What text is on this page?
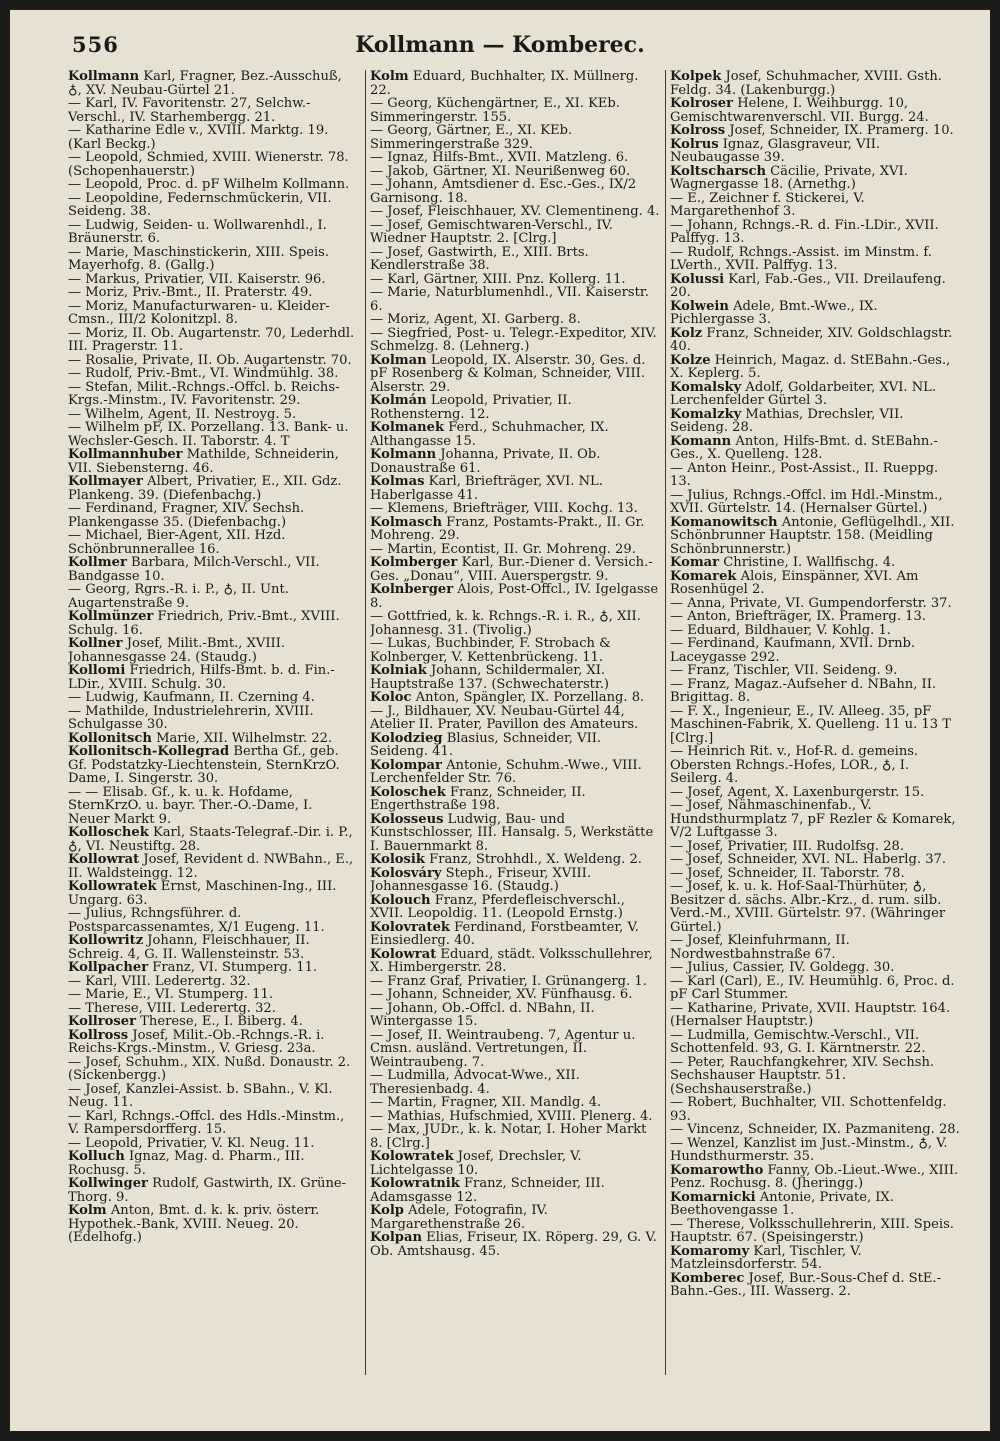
556	Kollmann — Komberec.

Kollmann Karl, Fragner, Bez.-Ausschuß, ♁, XV. Neubau-Gürtel 21.

— Karl, IV. Favoritenstr. 27, Selchw.-Verschl., IV. Starhembergg. 21.

— Katharine Edle v., XVIII. Marktg. 19. (Karl Beckg.)

— Leopold, Schmied, XVIII. Wienerstr. 78. (Schopenhauerstr.)

— Leopold, Proc. d. pF Wilhelm Kollmann.

— Leopoldine, Federnschmückerin, VII. Seideng. 38.

— Ludwig, Seiden- u. Wollwarenhdl., I. Bräunerstr. 6.

— Marie, Maschinstickerin, XIII. Speis. Mayerhofg. 8. (Gallg.)

— Markus, Privatier, VII. Kaiserstr. 96.

— Moriz, Priv.-Bmt., II. Praterstr. 49.

— Moriz, Manufacturwaren- u. Kleider-Cmsn., III/2 Kolonitzpl. 8.

— Moriz, II. Ob. Augartenstr. 70, Lederhdl. III. Pragerstr. 11.

— Rosalie, Private, II. Ob. Augartenstr. 70.

— Rudolf, Priv.-Bmt., VI. Windmühlg. 38.

— Stefan, Milit.-Rchngs.-Offcl. b. Reichs-Krgs.-Minstm., IV. Favoritenstr. 29.

— Wilhelm, Agent, II. Nestroyg. 5.

— Wilhelm pF, IX. Porzellang. 13. Bank- u. Wechsler-Gesch. II. Taborstr. 4. T

Kollmannhuber Mathilde, Schneiderin, VII. Siebensterng. 46.

Kollmayer Albert, Privatier, E., XII. Gdz. Plankeng. 39. (Diefenbachg.)

— Ferdinand, Fragner, XIV. Sechsh. Plankengasse 35. (Diefenbachg.)

— Michael, Bier-Agent, XII. Hzd. Schönbrunnerallee 16.

Kollmer Barbara, Milch-Verschl., VII. Bandgasse 10.

— Georg, Rgrs.-R. i. P., ♁, II. Unt. Augartenstraße 9.

Kollmünzer Friedrich, Priv.-Bmt., XVIII. Schulg. 16.

Kollner Josef, Milit.-Bmt., XVIII. Johannesgasse 24. (Staudg.)

Kollomi Friedrich, Hilfs-Bmt. b. d. Fin.-LDir., XVIII. Schulg. 30.

— Ludwig, Kaufmann, II. Czerning 4.

— Mathilde, Industrielehrerin, XVIII. Schulgasse 30.

Kollonitsch Marie, XII. Wilhelmstr. 22.

Kollonitsch-Kollegrad Bertha Gf., geb. Gf. Podstatzky-Liechtenstein, SternKrzO. Dame, I. Singerstr. 30.

— — Elisab. Gf., k. u. k. Hofdame, SternKrzO. u. bayr. Ther.-O.-Dame, I. Neuer Markt 9.

Kolloschek Karl, Staats-Telegraf.-Dir. i. P., ♁, VI. Neustiftg. 28.

Kollowrat Josef, Revident d. NWBahn., E., II. Waldsteingg. 12.

Kollowratek Ernst, Maschinen-Ing., III. Ungarg. 63.

— Julius, Rchngsführer. d. Postsparcassenamtes, X/1 Eugeng. 11.

Kollowritz Johann, Fleischhauer, II. Schreig. 4, G. II. Wallensteinstr. 53.

Kollpacher Franz, VI. Stumperg. 11.

— Karl, VIII. Lederertg. 32.

— Marie, E., VI. Stumperg. 11.

— Therese, VIII. Lederertg. 32.

Kollroser Therese, E., I. Biberg. 4.

Kollross Josef, Milit.-Ob.-Rchngs.-R. i. Reichs-Krgs.-Minstm., V. Griesg. 23a.

— Josef, Schuhm., XIX. Nußd. Donaustr. 2. (Sickenbergg.)

— Josef, Kanzlei-Assist. b. SBahn., V. Kl. Neug. 11.

— Karl, Rchngs.-Offcl. des Hdls.-Minstm., V. Rampersdorfferg. 15.

— Leopold, Privatier, V. Kl. Neug. 11.

Kolluch Ignaz, Mag. d. Pharm., III. Rochusg. 5.

Kollwinger Rudolf, Gastwirth, IX. Grüne-Thorg. 9.

Kolm Anton, Bmt. d. k. k. priv. österr. Hypothek.-Bank, XVIII. Neueg. 20. (Edelhofg.)

Kolm Eduard, Buchhalter, IX. Müllnerg. 22.

— Georg, Küchengärtner, E., XI. KEb. Simmeringerstr. 155.

— Georg, Gärtner, E., XI. KEb. Simmeringerstraße 329.

— Ignaz, Hilfs-Bmt., XVII. Matzleng. 6.

— Jakob, Gärtner, XI. Neurißenweg 60.

— Johann, Amtsdiener d. Esc.-Ges., IX/2 Garnisong. 18.

— Josef, Fleischhauer, XV. Clementineng. 4.

— Josef, Gemischtwaren-Verschl., IV. Wiedner Hauptstr. 2. [Clrg.]

— Josef, Gastwirth, E., XIII. Brts. Kendlerstraße 38.

— Karl, Gärtner, XIII. Pnz. Kollerg. 11.

— Marie, Naturblumenhdl., VII. Kaiserstr. 6.

— Moriz, Agent, XI. Garberg. 8.

— Siegfried, Post- u. Telegr.-Expeditor, XIV. Schmelzg. 8. (Lehnerg.)

Kolman Leopold, IX. Alserstr. 30, Ges. d. pF Rosenberg & Kolman, Schneider, VIII. Alserstr. 29.

Kolmán Leopold, Privatier, II. Rothensterng. 12.

Kolmanek Ferd., Schuhmacher, IX. Althangasse 15.

Kolmann Johanna, Private, II. Ob. Donaustraße 61.

Kolmas Karl, Briefträger, XVI. NL. Haberlgasse 41.

— Klemens, Briefträger, VIII. Kochg. 13.

Kolmasch Franz, Postamts-Prakt., II. Gr. Mohreng. 29.

— Martin, Econtist, II. Gr. Mohreng. 29.

Kolmberger Karl, Bur.-Diener d. Versich.-Ges. „Donau“, VIII. Auerspergstr. 9.

Kolnberger Alois, Post-Offcl., IV. Igelgasse 8.

— Gottfried, k. k. Rchngs.-R. i. R., ♁, XII. Johannesg. 31. (Tivolig.)

— Lukas, Buchbinder, F. Strobach & Kolnberger, V. Kettenbrückeng. 11.

Kolniak Johann, Schildermaler, XI. Hauptstraße 137. (Schwechaterstr.)

Koloc Anton, Spängler, IX. Porzellang. 8.

— J., Bildhauer, XV. Neubau-Gürtel 44, Atelier II. Prater, Pavillon des Amateurs.

Kolodzieg Blasius, Schneider, VII. Seideng. 41.

Kolompar Antonie, Schuhm.-Wwe., VIII. Lerchenfelder Str. 76.

Koloschek Franz, Schneider, II. Engerthstraße 198.

Kolosseus Ludwig, Bau- und Kunstschlosser, III. Hansalg. 5, Werkstätte I. Bauernmarkt 8.

Kolosik Franz, Strohhdl., X. Weldeng. 2.

Kolosváry Steph., Friseur, XVIII. Johannesgasse 16. (Staudg.)

Kolouch Franz, Pferdefleischverschl., XVII. Leopoldig. 11. (Leopold Ernstg.)

Kolovratek Ferdinand, Forstbeamter, V. Einsiedlerg. 40.

Kolowrat Eduard, städt. Volksschullehrer, X. Himbergerstr. 28.

— Franz Graf, Privatier, I. Grünangerg. 1.

— Johann, Schneider, XV. Fünfhausg. 6.

— Johann, Ob.-Offcl. d. NBahn, II. Wintergasse 15.

— Josef, II. Weintraubeng. 7, Agentur u. Cmsn. ausländ. Vertretungen, II. Weintraubeng. 7.

— Ludmilla, Advocat-Wwe., XII. Theresienbadg. 4.

— Martin, Fragner, XII. Mandlg. 4.

— Mathias, Hufschmied, XVIII. Plenerg. 4.

— Max, JUDr., k. k. Notar, I. Hoher Markt 8. [Clrg.]

Kolowratek Josef, Drechsler, V. Lichtelgasse 10.

Kolowratnik Franz, Schneider, III. Adamsgasse 12.

Kolp Adele, Fotografin, IV. Margarethenstraße 26.

Kolpan Elias, Friseur, IX. Röperg. 29, G. V. Ob. Amtshausg. 45.

Kolpek Josef, Schuhmacher, XVIII. Gsth. Feldg. 34. (Lakenburgg.)

Kolroser Helene, I. Weihburgg. 10, Gemischtwarenverschl. VII. Burgg. 24.

Kolross Josef, Schneider, IX. Pramerg. 10.

Kolrus Ignaz, Glasgraveur, VII. Neubaugasse 39.

Koltscharsch Cäcilie, Private, XVI. Wagnergasse 18. (Arnethg.)

— E., Zeichner f. Stickerei, V. Margarethenhof 3.

— Johann, Rchngs.-R. d. Fin.-LDir., XVII. Palffyg. 13.

— Rudolf, Rchngs.-Assist. im Minstm. f. LVerth., XVII. Palffyg. 13.

Kolussi Karl, Fab.-Ges., VII. Dreilaufeng. 20.

Kolwein Adele, Bmt.-Wwe., IX. Pichlergasse 3.

Kolz Franz, Schneider, XIV. Goldschlagstr. 40.

Kolze Heinrich, Magaz. d. StEBahn.-Ges., X. Keplerg. 5.

Komalsky Adolf, Goldarbeiter, XVI. NL. Lerchenfelder Gürtel 3.

Komalzky Mathias, Drechsler, VII. Seideng. 28.

Komann Anton, Hilfs-Bmt. d. StEBahn.-Ges., X. Quelleng. 128.

— Anton Heinr., Post-Assist., II. Rueppg. 13.

— Julius, Rchngs.-Offcl. im Hdl.-Minstm., XVII. Gürtelstr. 14. (Hernalser Gürtel.)

Komanowitsch Antonie, Geflügelhdl., XII. Schönbrunner Hauptstr. 158. (Meidling Schönbrunnerstr.)

Komar Christine, I. Wallfischg. 4.

Komarek Alois, Einspänner, XVI. Am Rosenhügel 2.

— Anna, Private, VI. Gumpendorferstr. 37.

— Anton, Briefträger, IX. Pramerg. 13.

— Eduard, Bildhauer, V. Kohlg. 1.

— Ferdinand, Kaufmann, XVII. Drnb. Laceygasse 292.

— Franz, Tischler, VII. Seideng. 9.

— Franz, Magaz.-Aufseher d. NBahn, II. Brigittag. 8.

— F. X., Ingenieur, E., IV. Alleeg. 35, pF Maschinen-Fabrik, X. Quelleng. 11 u. 13 T [Clrg.]

— Heinrich Rit. v., Hof-R. d. gemeins. Obersten Rchngs.-Hofes, LOR., ♁, I. Seilerg. 4.

— Josef, Agent, X. Laxenburgerstr. 15.

— Josef, Nähmaschinenfab., V. Hundsthurmplatz 7, pF Rezler & Komarek, V/2 Luftgasse 3.

— Josef, Privatier, III. Rudolfsg. 28.

— Josef, Schneider, XVI. NL. Haberlg. 37.

— Josef, Schneider, II. Taborstr. 78.

— Josef, k. u. k. Hof-Saal-Thürhüter, ♁, Besitzer d. sächs. Albr.-Krz., d. rum. silb. Verd.-M., XVIII. Gürtelstr. 97. (Währinger Gürtel.)

— Josef, Kleinfuhrmann, II. Nordwestbahnstraße 67.

— Julius, Cassier, IV. Goldegg. 30.

— Karl (Carl), E., IV. Heumühlg. 6, Proc. d. pF Carl Stummer.

— Katharine, Private, XVII. Hauptstr. 164. (Hernalser Hauptstr.)

— Ludmilla, Gemischtw.-Verschl., VII. Schottenfeld. 93, G. I. Kärntnerstr. 22.

— Peter, Rauchfangkehrer, XIV. Sechsh. Sechshauser Hauptstr. 51. (Sechshauserstraße.)

— Robert, Buchhalter, VII. Schottenfeldg. 93.

— Vincenz, Schneider, IX. Pazmaniteng. 28.

— Wenzel, Kanzlist im Just.-Minstm., ♁, V. Hundsthurmerstr. 35.

Komarowtho Fanny, Ob.-Lieut.-Wwe., XIII. Penz. Rochusg. 8. (Jheringg.)

Komarnicki Antonie, Private, IX. Beethovengasse 1.

— Therese, Volksschullehrerin, XIII. Speis. Hauptstr. 67. (Speisingerstr.)

Komaromy Karl, Tischler, V. Matzleinsdorferstr. 54.

Komberec Josef, Bur.-Sous-Chef d. StE.-Bahn.-Ges., III. Wasserg. 2.
